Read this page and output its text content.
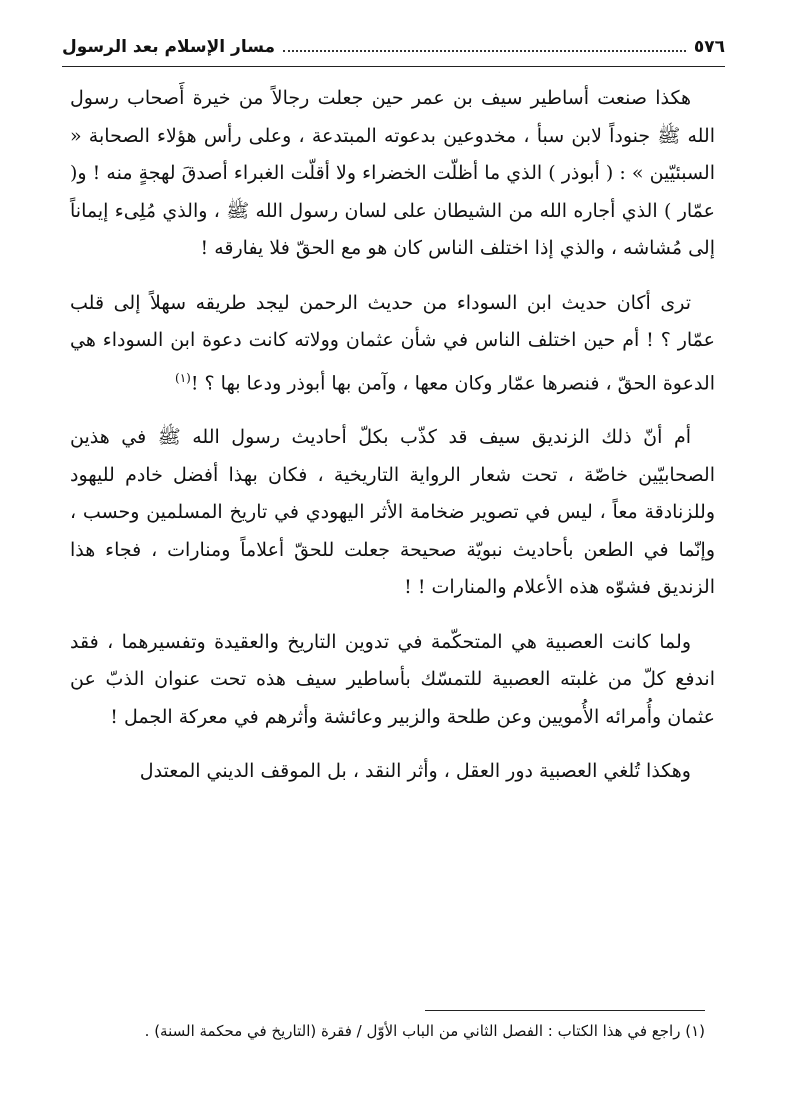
٥٧٦
مسار الإسلام بعد الرسول

هكذا صنعت أساطير سيف بن عمر حين جعلت رجالاً من خيرة أَصحاب رسول الله ﷺ جنوداً لابن سبأ ، مخدوعين بدعوته المبتدعة ، وعلى رأس هؤلاء الصحابة « السبئيّين » : ( أبوذر ) الذي ما أظلّت الخضراء ولا أقلّت الغبراء أصدقَ لهجةٍ منه ! و( عمّار ) الذي أجاره الله من الشيطان على لسان رسول الله ﷺ ، والذي مُلِىء إيماناً إلى مُشاشه ، والذي إذا اختلف الناس كان هو مع الحقّ فلا يفارقه !

ترى أكان حديث ابن السوداء من حديث الرحمن ليجد طريقه سهلاً إلى قلب عمّار ؟ ! أم حين اختلف الناس في شأن عثمان وولاته كانت دعوة ابن السوداء هي الدعوة الحقّ ، فنصرها عمّار وكان معها ، وآمن بها أبوذر ودعا بها ؟ !$^{(١)}$

أم أنّ ذلك الزنديق سيف قد كذّب بكلّ أحاديث رسول الله ﷺ في هذين الصحابيّين خاصّة ، تحت شعار الرواية التاريخية ، فكان بهذا أفضل خادم لليهود وللزنادقة معاً ، ليس في تصوير ضخامة الأثر اليهودي في تاريخ المسلمين وحسب ، وإنّما في الطعن بأحاديث نبويّة صحيحة جعلت للحقّ أعلاماً ومنارات ، فجاء هذا الزنديق فشوّه هذه الأعلام والمنارات ! !

ولما كانت العصبية هي المتحكّمة في تدوين التاريخ والعقيدة وتفسيرهما ، فقد اندفع كلّ من غلبته العصبية للتمسّك بأساطير سيف هذه تحت عنوان الذبّ عن عثمان وأُمرائه الأُمويين وعن طلحة والزبير وعائشة وأثرهم في معركة الجمل !

وهكذا تُلغي العصبية دور العقل ، وأثر النقد ، بل الموقف الديني المعتدل

(١) راجع في هذا الكتاب : الفصل الثاني من الباب الأوّل / فقرة (التاريخ في محكمة السنة) .
